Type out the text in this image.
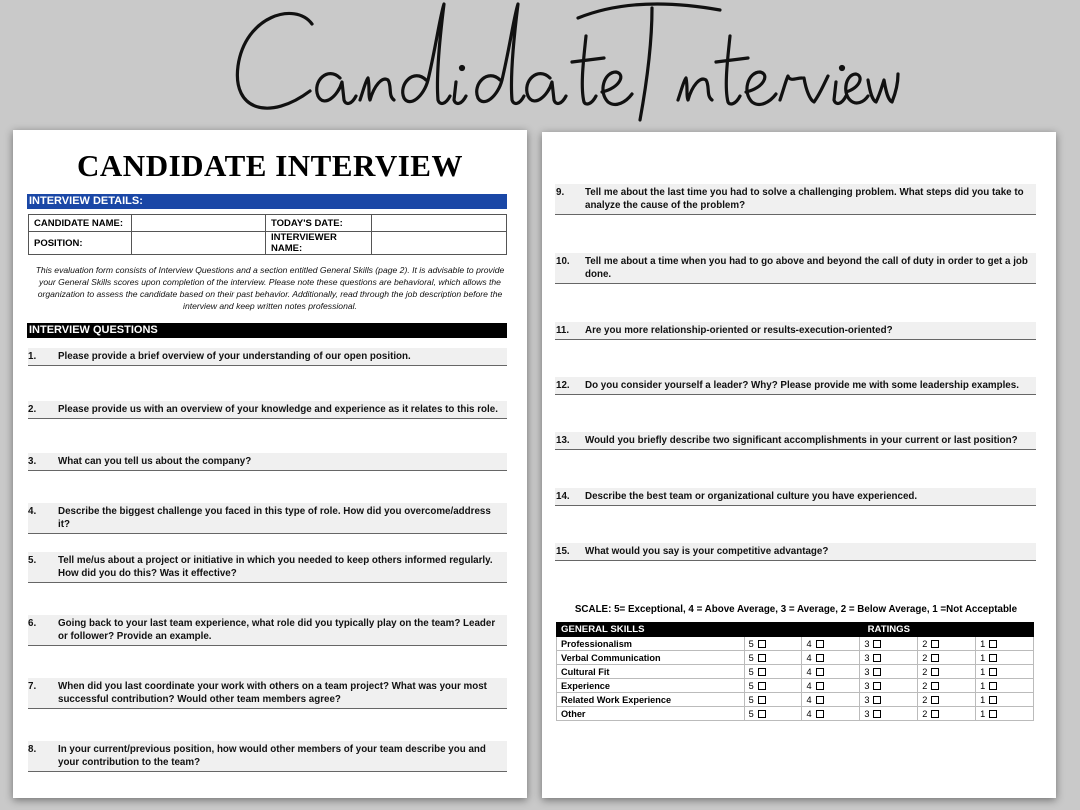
CANDIDATE INTERVIEW
INTERVIEW DETAILS:
CANDIDATE NAME:		TODAY'S DATE:	
POSITION:		INTERVIEWER NAME:	
This evaluation form consists of Interview Questions and a section entitled General Skills (page 2). It is advisable to provide your General Skills scores upon completion of the interview. Please note these questions are behavioral, which allows the organization to assess the candidate based on their past behavior. Additionally, read through the job description before the interview and keep written notes professional.
INTERVIEW QUESTIONS
1.	Please provide a brief overview of your understanding of our open position.
2.	Please provide us with an overview of your knowledge and experience as it relates to this role.
3.	What can you tell us about the company?
4.	Describe the biggest challenge you faced in this type of role. How did you overcome/address it?
5.	Tell me/us about a project or initiative in which you needed to keep others informed regularly. How did you do this? Was it effective?
6.	Going back to your last team experience, what role did you typically play on the team? Leader or follower? Provide an example.
7.	When did you last coordinate your work with others on a team project? What was your most successful contribution? Would other team members agree?
8.	In your current/previous position, how would other members of your team describe you and your contribution to the team?
9.	Tell me about the last time you had to solve a challenging problem. What steps did you take to analyze the cause of the problem?
10.	Tell me about a time when you had to go above and beyond the call of duty in order to get a job done.
11.	Are you more relationship-oriented or results-execution-oriented?
12.	Do you consider yourself a leader? Why? Please provide me with some leadership examples.
13.	Would you briefly describe two significant accomplishments in your current or last position?
14.	Describe the best team or organizational culture you have experienced.
15.	What would you say is your competitive advantage?
SCALE: 5= Exceptional, 4 = Above Average, 3 = Average, 2 = Below Average, 1 =Not Acceptable
GENERAL SKILLS	RATINGS				
Professionalism	5	4	3	2	1
Verbal Communication	5	4	3	2	1
Cultural Fit	5	4	3	2	1
Experience	5	4	3	2	1
Related Work Experience	5	4	3	2	1
Other	5	4	3	2	1
